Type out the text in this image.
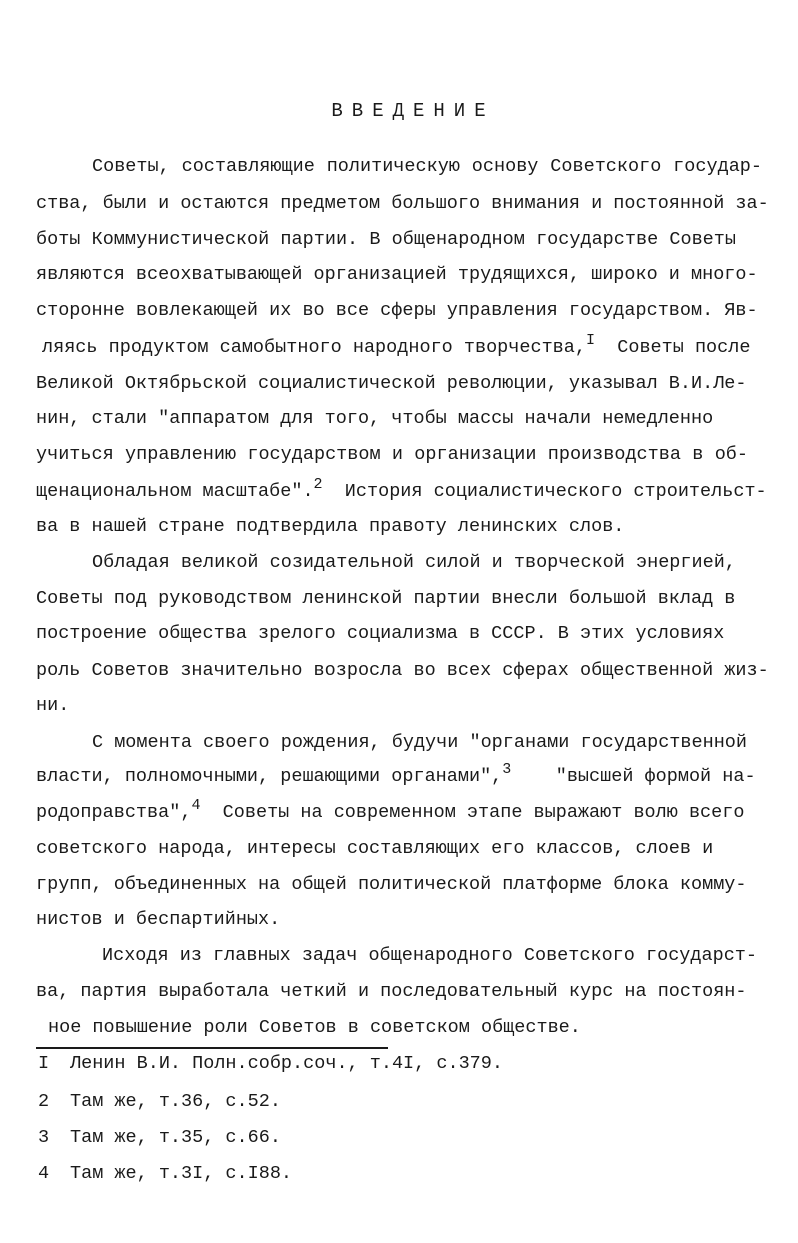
ВВЕДЕНИЕ
Советы, составляющие политическую основу Советского государ-
ства, были и остаются предметом большого внимания и постоянной за-
боты Коммунистической партии. В общенародном государстве Советы
являются всеохватывающей организацией трудящихся, широко и много-
сторонне вовлекающей их во все сферы управления государством. Яв-
ляясь продуктом самобытного народного творчества,$^I$ Советы после
Великой Октябрьской социалистической революции, указывал В.И.Ле-
нин, стали "аппаратом для того, чтобы массы начали немедленно
учиться управлению государством и организации производства в об-
щенациональном масштабе".$^2$ История социалистического строительст-
ва в нашей стране подтвердила правоту ленинских слов.
Обладая великой созидательной силой и творческой энергией,
Советы под руководством ленинской партии внесли большой вклад в
построение общества зрелого социализма в СССР. В этих условиях
роль Советов значительно возросла во всех сферах общественной жиз-
ни.
С момента своего рождения, будучи "органами государственной
власти, полномочными, решающими органами",$^3$ "высшей формой на-
родоправства",$^4$ Советы на современном этапе выражают волю всего
советского народа, интересы составляющих его классов, слоев и
групп, объединенных на общей политической платформе блока комму-
нистов и беспартийных.
Исходя из главных задач общенародного Советского государст-
ва, партия выработала четкий и последовательный курс на постоян-
ное повышение роли Советов в советском обществе.
I Ленин В.И. Полн.собр.соч., т.4I, с.379.
2 Там же, т.36, с.52.
3 Там же, т.35, с.66.
4 Там же, т.3I, с.I88.
